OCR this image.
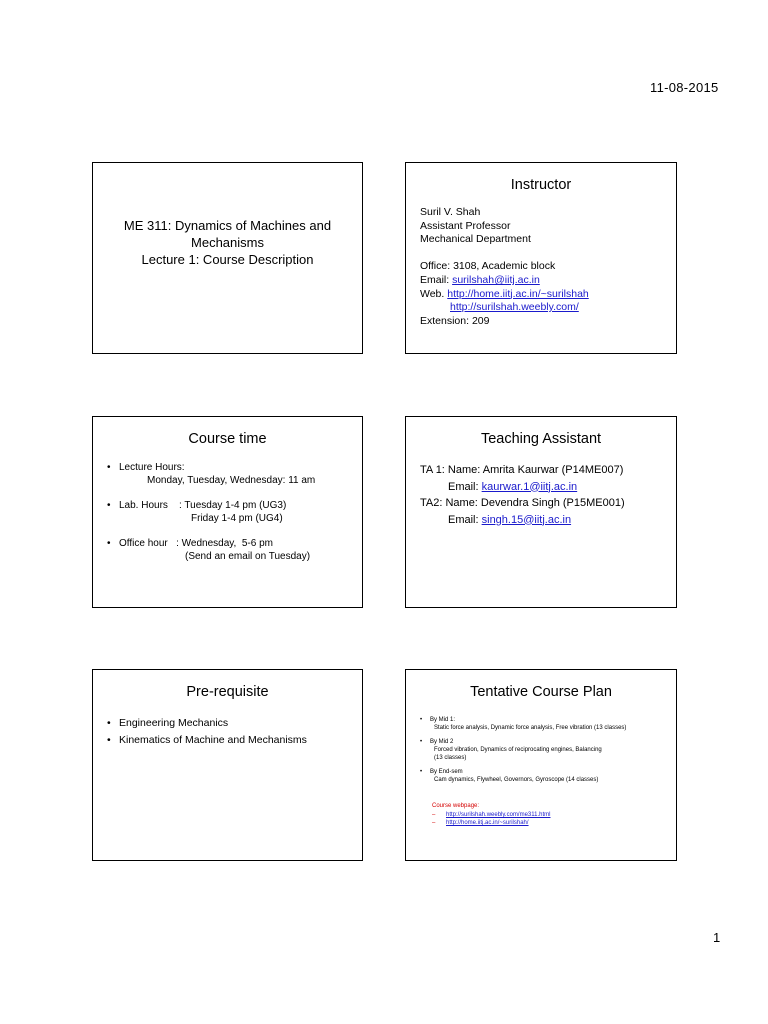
11-08-2015
1
ME 311: Dynamics of Machines and
Mechanisms
Lecture 1: Course Description
Instructor
Suril V. Shah
Assistant Professor
Mechanical Department
Office: 3108, Academic block
Email: surilshah@iitj.ac.in
Web. http://home.iitj.ac.in/~surilshah
http://surilshah.weebly.com/
Extension: 209
Course time
• Lecture Hours:
Monday, Tuesday, Wednesday: 11 am
• Lab. Hours    : Tuesday 1-4 pm (UG3)
Friday 1-4 pm (UG4)
• Office hour   : Wednesday,  5-6 pm
(Send an email on Tuesday)
Teaching Assistant
TA 1: Name: Amrita Kaurwar (P14ME007)
Email: kaurwar.1@iitj.ac.in
TA2: Name: Devendra Singh (P15ME001)
Email: singh.15@iitj.ac.in
Pre-requisite
• Engineering Mechanics
• Kinematics of Machine and Mechanisms
Tentative Course Plan
• By Mid 1:
Static force analysis, Dynamic force analysis, Free vibration (13 classes)
• By Mid 2
Forced vibration, Dynamics of reciprocating engines, Balancing
(13 classes)
• By End-sem
Cam dynamics, Flywheel, Governors, Gyroscope (14 classes)
Course webpage:
– http://surilshah.weebly.com/me311.html
– http://home.iitj.ac.in/~surilshah/
